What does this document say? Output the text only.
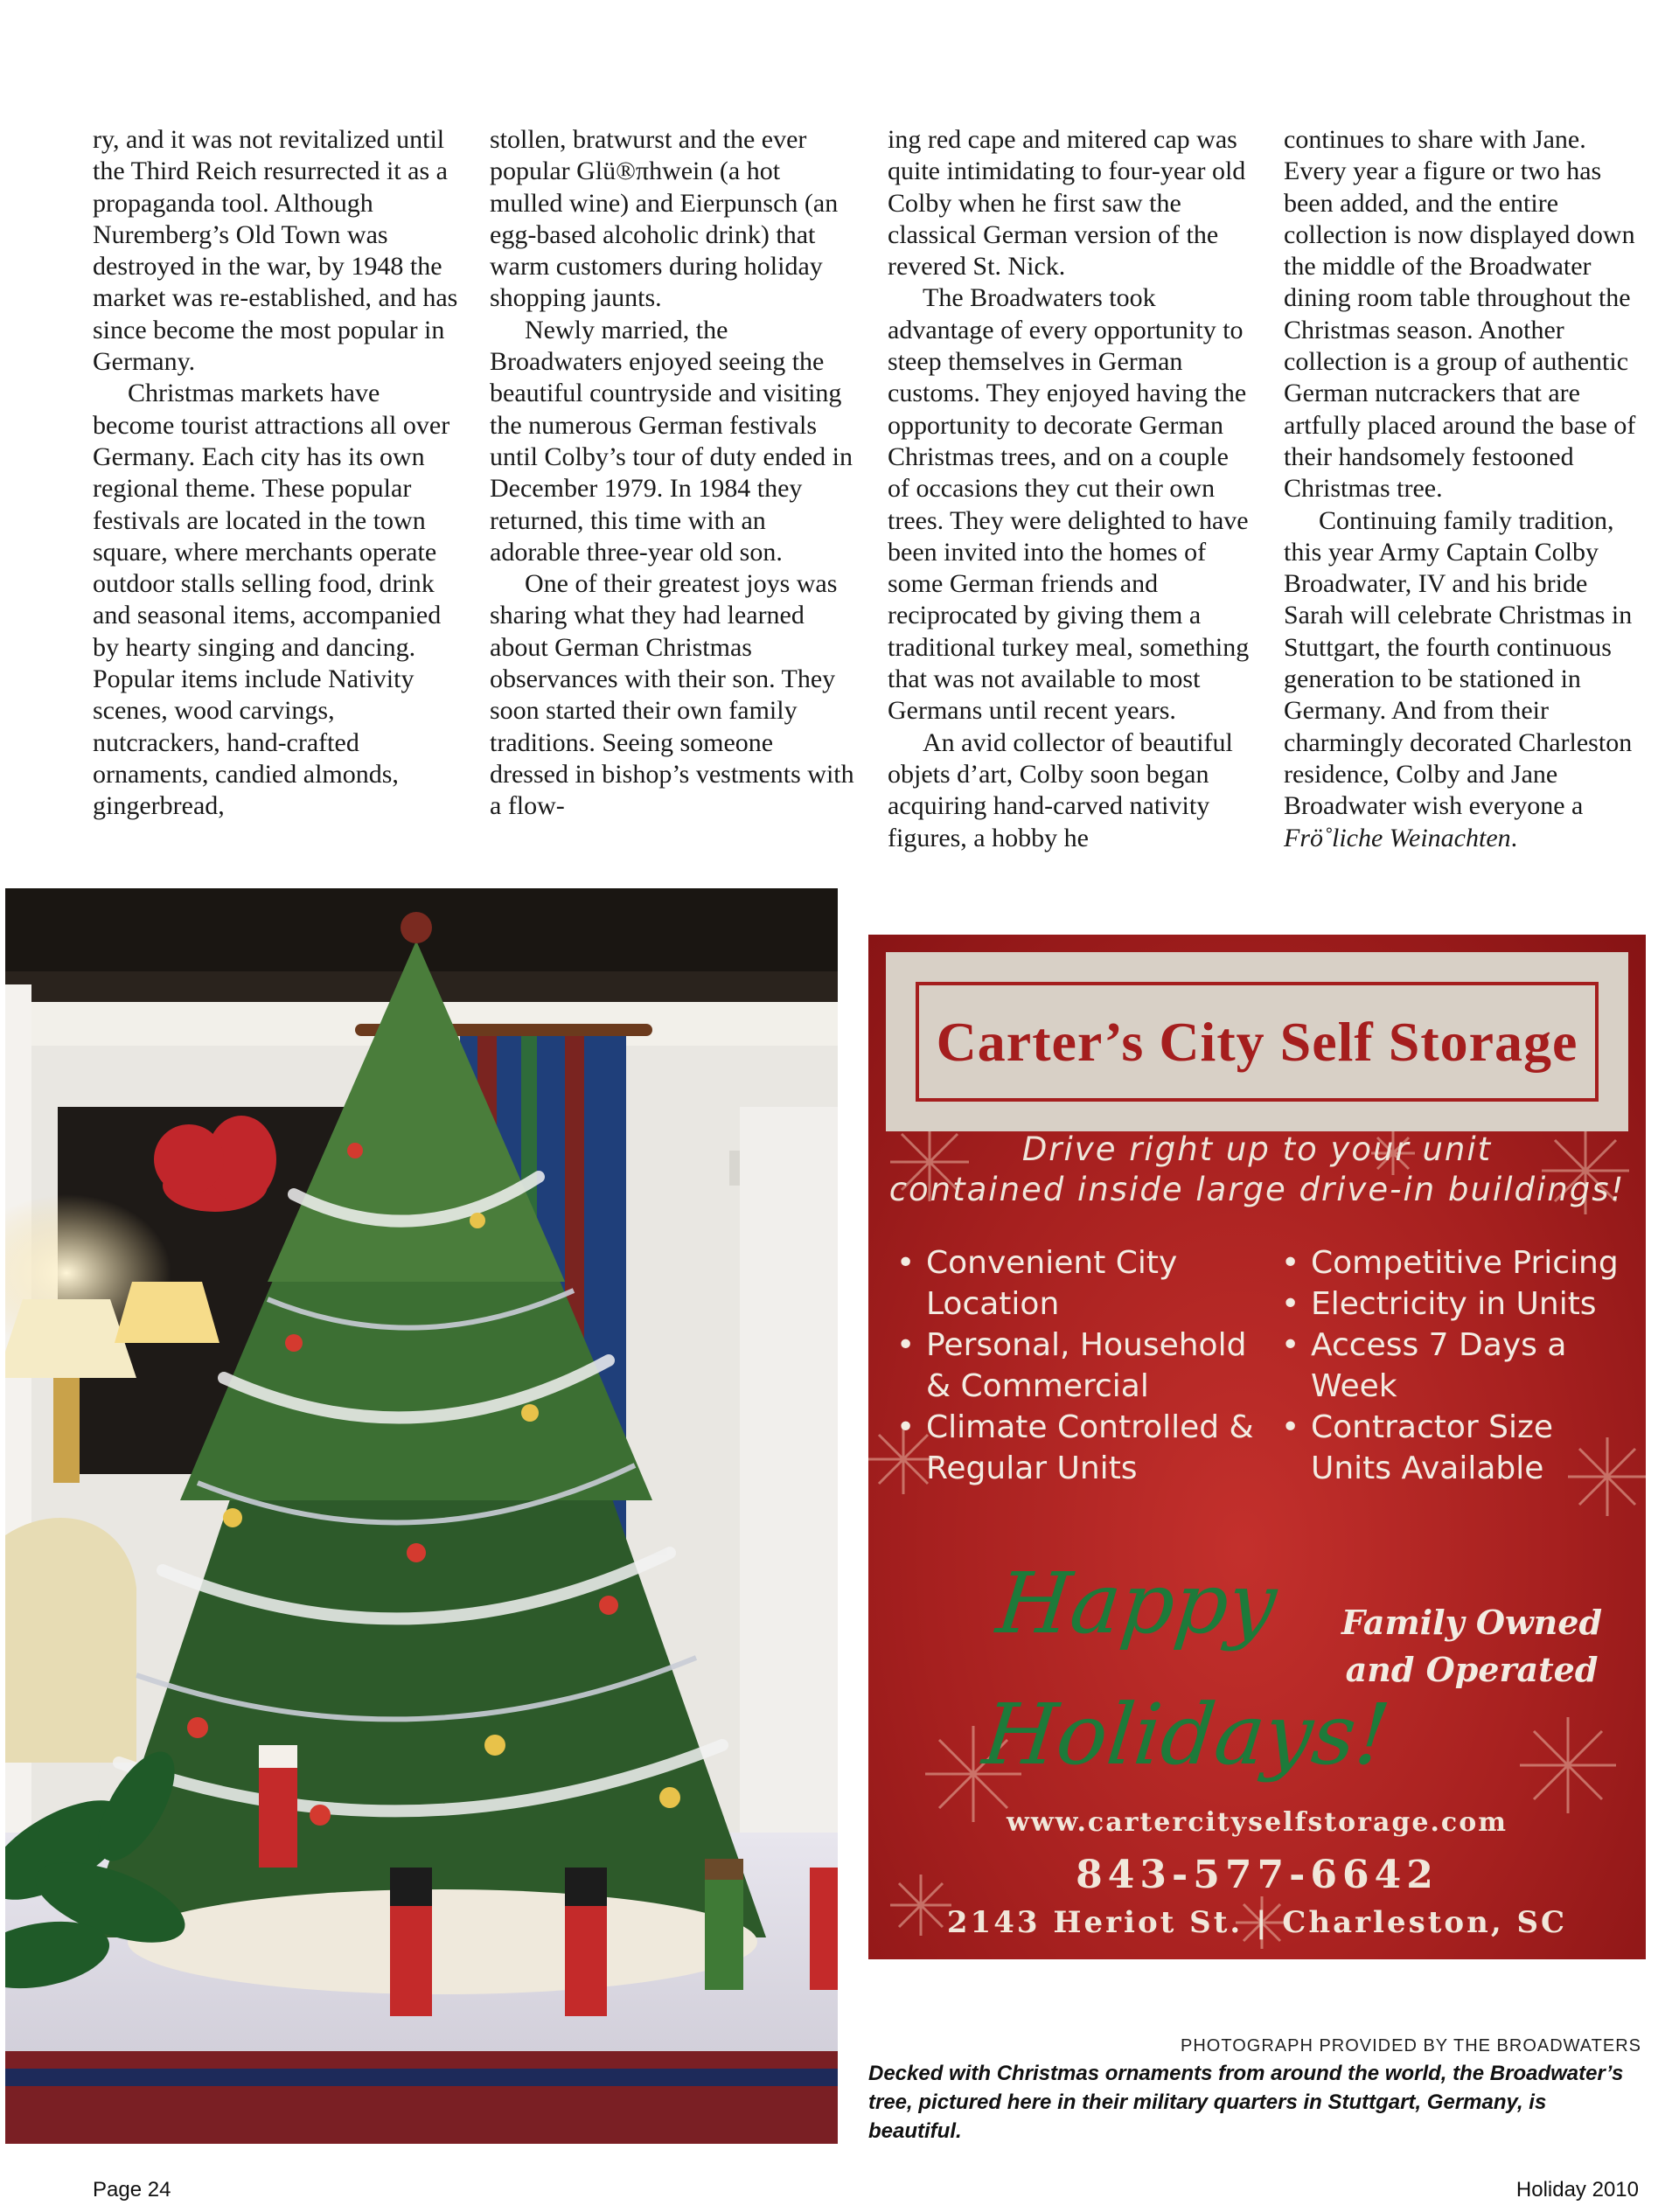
ry, and it was not revitalized until the Third Reich resurrected it as a propaganda tool. Although Nuremberg’s Old Town was destroyed in the war, by 1948 the market was re-established, and has since become the most popular in Germany.

Christmas markets have become tourist attractions all over Germany. Each city has its own regional theme. These popular festivals are located in the town square, where merchants operate outdoor stalls selling food, drink and seasonal items, accompanied by hearty singing and dancing. Popular items include Nativity scenes, wood carvings, nutcrackers, hand-crafted ornaments, candied almonds, gingerbread,

stollen, bratwurst and the ever popular Glü®πhwein (a hot mulled wine) and Eierpunsch (an egg-based alcoholic drink) that warm customers during holiday shopping jaunts.

Newly married, the Broadwaters enjoyed seeing the beautiful countryside and visiting the numerous German festivals until Colby’s tour of duty ended in December 1979. In 1984 they returned, this time with an adorable three-year old son.

One of their greatest joys was sharing what they had learned about German Christmas observances with their son. They soon started their own family traditions. Seeing someone dressed in bishop’s vestments with a flow-

ing red cape and mitered cap was quite intimidating to four-year old Colby when he first saw the classical German version of the revered St. Nick.

The Broadwaters took advantage of every opportunity to steep themselves in German customs. They enjoyed having the opportunity to decorate German Christmas trees, and on a couple of occasions they cut their own trees. They were delighted to have been invited into the homes of some German friends and reciprocated by giving them a traditional turkey meal, something that was not available to most Germans until recent years.

An avid collector of beautiful objets d’art, Colby soon began acquiring hand-carved nativity figures, a hobby he

continues to share with Jane. Every year a figure or two has been added, and the entire collection is now displayed down the middle of the Broadwater dining room table throughout the Christmas season. Another collection is a group of authentic German nutcrackers that are artfully placed around the base of their handsomely festooned Christmas tree.

Continuing family tradition, this year Army Captain Colby Broadwater, IV and his bride Sarah will celebrate Christmas in Stuttgart, the fourth continuous generation to be stationed in Germany. And from their charmingly decorated Charleston residence, Colby and Jane Broadwater wish everyone a Frö˚liche Weinachten.

Carter’s City Self Storage
Drive right up to your unit
contained inside large drive-in buildings!
• Convenient City Location
• Personal, Household & Commercial
• Climate Controlled & Regular Units
• Competitive Pricing
• Electricity in Units
• Access 7 Days a Week
• Contractor Size Units Available
Happy
Holidays!
Family Owned
and Operated
www.cartercityselfstorage.com
843-577-6642
2143 Heriot St. | Charleston, SC
PHOTOGRAPH PROVIDED BY THE BROADWATERS
Decked with Christmas ornaments from around the world, the Broadwater’s tree, pictured here in their military quarters in Stuttgart, Germany, is beautiful.
Page 24	Holiday 2010
